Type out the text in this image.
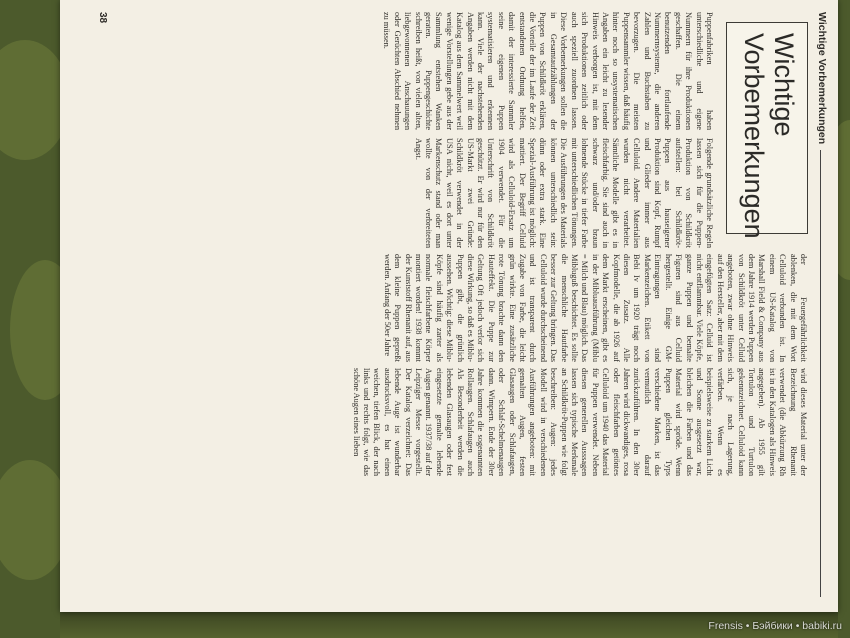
Wichtige Vorbemerkungen
Wichtige
Vorbemerkungen

Puppenfabriken haben unterschiedliche und eigene Nummern für ihre Produktionen geschaffen. Die einem benutzenden fortlaufende Nummernsysteme, die anderen Zahlen und Buchstaben zu bevorzugen. Die meisten Puppensammler wissen, daß häufig hinter noch so unsystematischen Angaben ein leicht zu lesender Hinweis verborgen ist, mit dem sich Produktionen zeitlich oder auch speziell zuordnen lassen. Diese Vorbemerkungen sollen die in Gesamtaufzählungen der Puppen von Schildkröt erklären, die Vorteile der im Laufe der Zeit entstandenen Ordnung helfen, damit der interessierte Sammler seine eigenen Puppen systematisieren und erkennen kann. Viele der nachstehenden Angaben werden nicht mit dem Katalog aus dem Sammelwert weil wenige Vorstellungen gebe aus der Sammlung entstehen Wanken geraten. Puppengeschichte schreiben heißt, von vielen alten, liebgewonnenen Anschauungen oder Gerüchten Abschied nehmen zu müssen.

Folgende grundsätzliche Regeln lassen sich für die Puppen-Produktion von Schildkröt aufstellen: bei Schildkröt-Puppen aus hauseigener Produktion sind Kopf, Rumpf und Glieder immer aus Celluloid. Andere Materialien wurden nicht verarbeitet. Sämtliche Modelle gibt es in fleischfarbig. Sie sind auch in schwarz und/oder braun lohnende Stücke in tiefer Farbe mit unterschiedlichen Tönungen. Die Ausführungen des Materials können unterschiedlich sein: dünn oder extra stark. Eine Spezial-Ausführung ist möglich: mattiert. Der Begriff Celluid wird als Celluloid-Ersatz um 1904 verwendet. Für die Unterschrift von Schildkröt geschützt. Er wird nur für den US-Markt zwei Gründe: Schildkröt verwendet in der USA nicht, weil es dort unter Markenschutz stand oder man wollte von der verbreiteten Angst.

der Feuergefährlichkeit ablenken, die mit dem Wort Celluloid verbunden ist. In einem US-Katalog von Marshall Field & Company aus dem Jahre 1914 werden Puppen von Schildkröt unter Celluid angeboten, zwar ohne Hinweis auf den Hersteller, aber mit dem eingefügten Satz: Celluid ist nicht entflammbar. Viele Köpfe, ganze Puppen und bemalte Figuren sind aus Celluid hergestellt. Einige GM-Eintragungen sind Markenzeichen. Etikett von Bebi Iv um 1920 trägt noch diesen Zusatz. Alle Kopfmodelle, die ab 1926 auf dem Markt erscheinen, gibt es in der Mibluausführung (Miblu = Milch und Blau) möglich. Das Mibluguß beschichtet. Es sollte die menschliche Hautfarbe besser zur Geltung bringen. Das Celluloid wurde durchscheinend und ist transparent durch Zugabe von Farbe, die leicht grün wirkte. Eine zusätzliche rote Tönung brachte dann den Hauteffekt. Die Puppe zur Geltung Oft jedoch verlor sich diese Wirkung, so daß es Miblu-Puppen gibt, die grünlich aussehen. Wichtig: diese Miblu-Köpfe sind häufig zarter als normale fleischfarbene Körper montiert worden! 1938 kommt der Kunststoff Rhenanit auf, aus dem kleine Puppen gepreßt werden. Anfang der 50er Jahre

wird dieses Material unter der Bezeichnung Rhenanit verwendet (die Abkürzung Rh ist in den Katalogen als Hinweis angegeben). Ab 1955 gilt Tortulon und Turtulon gekennzeichnet. Celluloid kann sich, je nach Lagerung, verfärben. Wenn es beispielsweise zu starkem Licht und Sonne ausgesetzt war, bleichen die Farben und das Material wird spröde. Wenn Puppen gleichen Typs verschiedene Marken, ist das vermutlich darauf zurückzuführen. In den 30er Jahren wird dickwandiges, rosa oder fleischfarben getöntes Celluloid um 1940 das Material für Puppen verwendet. Neben diesen generellen Ausssagen lassen sich typische Merkmale an Schildkröt-Puppen wie folgt beschreiben: Augen: jedes Modell wird in verschiedenen Ausführungen angeboten: mit gemalten Augen, festen Glasaugen oder Schlafaugen, oder Schlaf-Schelmenaugen dann. Wimpern. Ende der 30er Jahre kommen die sogenannten Rollaugen. Schlafaugen auch Als Besonderheit werden die lebenden Glasaugen oder fest eingesetzte gemalte lebende Augen genannt. 1937/38 auf der Leipziger Messe vorgestellt. Der Katalog verzeichnet: Das lebende Auge ist wunderbar ausdrucksvoll, es hat einen weichen, tiefen Blick, der nach links und rechts folgt, wie das schöne Augen eines lieben

38
Frensis • Бэйбики • babiki.ru
